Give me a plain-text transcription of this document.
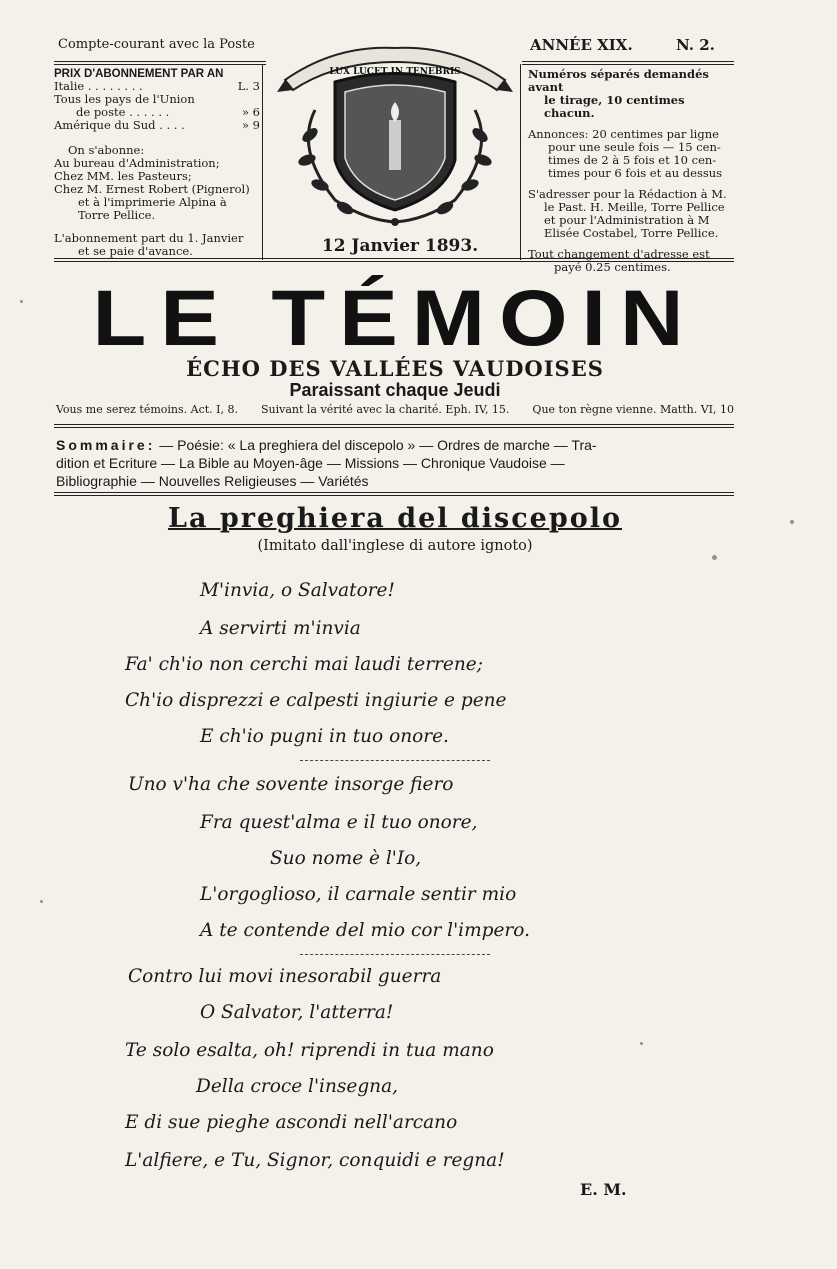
Compte-courant avec la Poste	ANNÉE XIX.	N. 2.
PRIX D'ABONNEMENT PAR AN
Italie . . . . . . . .	L. 3
Tous les pays de l'Union
de poste . . . . . .	» 6
Amérique du Sud . . . .	» 9
On s'abonne:
Au bureau d'Administration;
Chez MM. les Pasteurs;
Chez M. Ernest Robert (Pignerol)
et à l'imprimerie Alpina à
Torre Pellice.
L'abonnement part du 1. Janvier
et se paie d'avance.
LUX LUCET IN TENEBRIS
12 Janvier 1893.
Numéros séparés demandés avant
le tirage, 10 centimes chacun.
Annonces: 20 centimes par ligne
pour une seule fois — 15 cen-
times de 2 à 5 fois et 10 cen-
times pour 6 fois et au dessus
S'adresser pour la Rédaction à M.
le Past. H. Meille, Torre Pellice
et pour l'Administration à M
Elisée Costabel, Torre Pellice.
Tout changement d'adresse est
payé 0.25 centimes.
LE TÉMOIN
ÉCHO DES VALLÉES VAUDOISES
Paraissant chaque Jeudi
Vous me serez témoins. Act. I, 8. Suivant la vérité avec la charité. Eph. IV, 15. Que ton règne vienne. Matth. VI, 10
Sommaire: — Poésie: « La preghiera del discepolo » — Ordres de marche — Tra-
dition et Ecriture — La Bible au Moyen-âge — Missions — Chronique Vaudoise —
Bibliographie — Nouvelles Religieuses — Variétés
La preghiera del discepolo
(Imitato dall'inglese di autore ignoto)
M'invia, o Salvatore!
A servirti m'invia
Fa' ch'io non cerchi mai laudi terrene;
Ch'io disprezzi e calpesti ingiurie e pene
E ch'io pugni in tuo onore.
Uno v'ha che sovente insorge fiero
Fra quest'alma e il tuo onore,
Suo nome è l'Io,
L'orgoglioso, il carnale sentir mio
A te contende del mio cor l'impero.
Contro lui movi inesorabil guerra
O Salvator, l'atterra!
Te solo esalta, oh! riprendi in tua mano
Della croce l'insegna,
E di sue pieghe ascondi nell'arcano
L'alfiere, e Tu, Signor, conquidi e regna!
E. M.
